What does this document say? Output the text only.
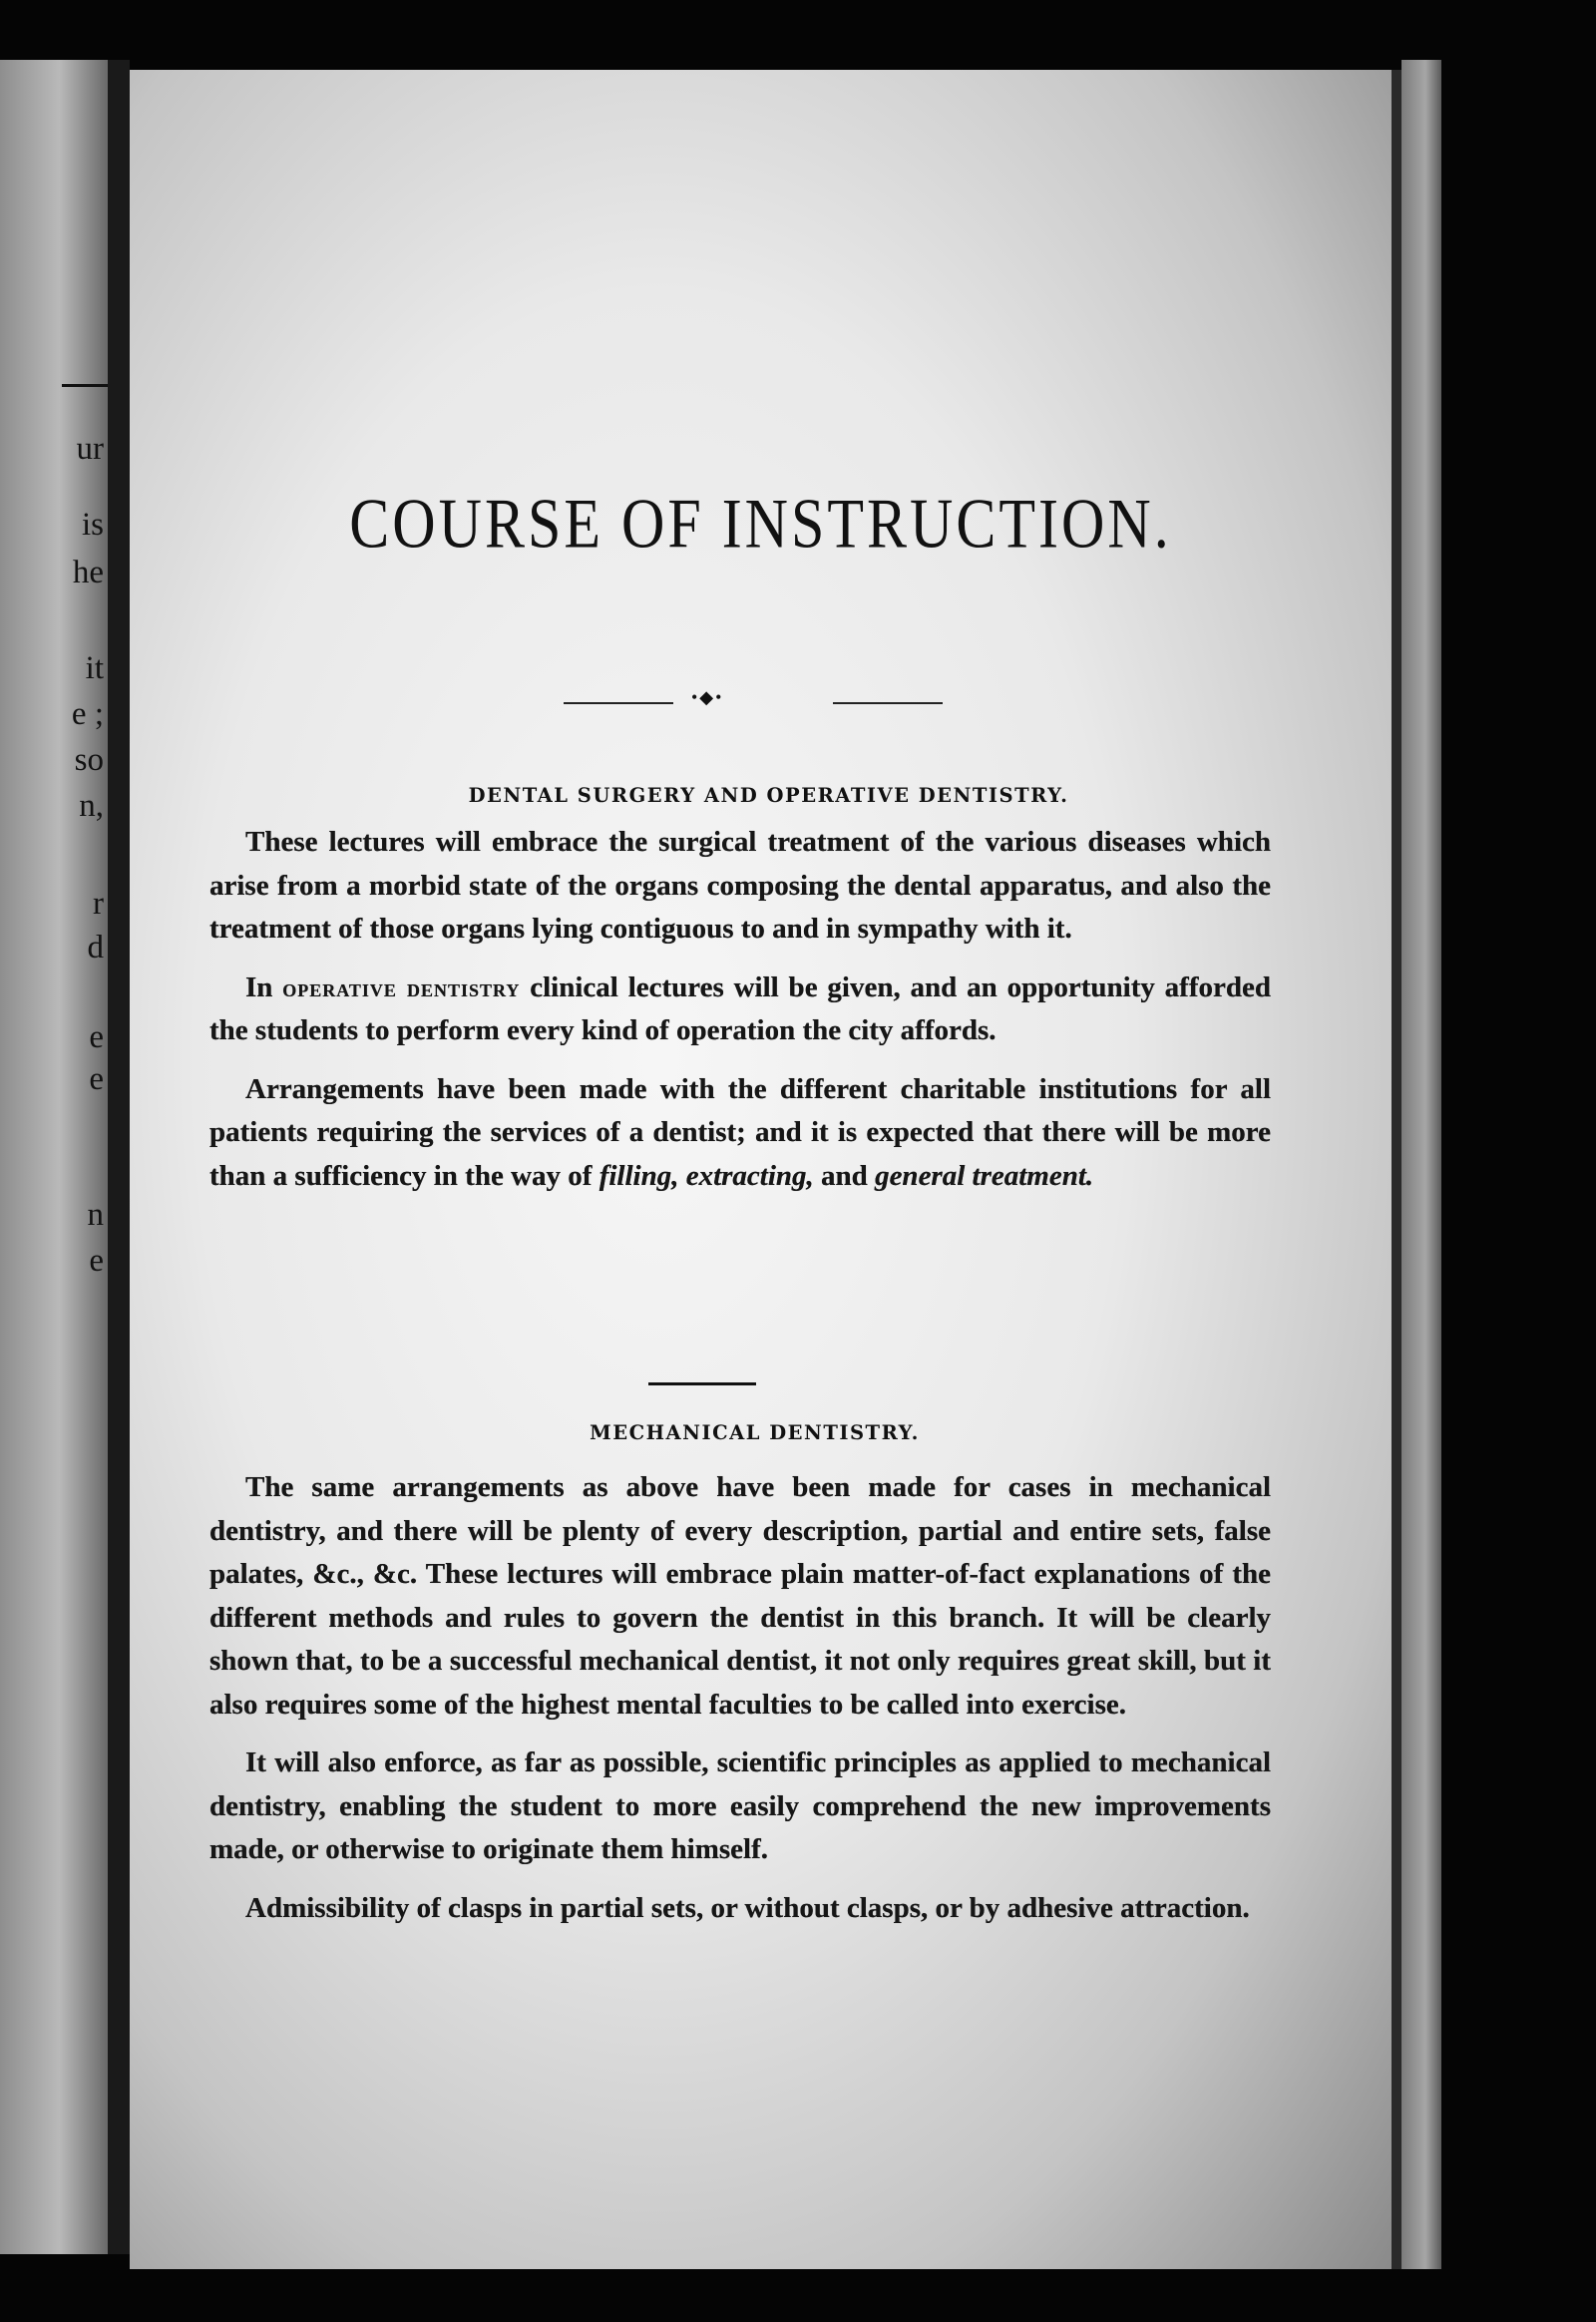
ur
is
he
it
e ;
so
n,
r
d
e
e
n
e
COURSE OF INSTRUCTION.
•◆•
DENTAL SURGERY AND OPERATIVE DENTISTRY.

These lectures will embrace the surgical treatment of the various diseases which arise from a morbid state of the organs composing the dental apparatus, and also the treatment of those organs lying contiguous to and in sympathy with it.

In operative dentistry clinical lectures will be given, and an opportunity afforded the students to perform every kind of operation the city affords.

Arrangements have been made with the different charitable institutions for all patients requiring the services of a dentist; and it is expected that there will be more than a sufficiency in the way of filling, extracting, and general treatment.

MECHANICAL DENTISTRY.

The same arrangements as above have been made for cases in mechanical dentistry, and there will be plenty of every description, partial and entire sets, false palates, &c., &c. These lectures will embrace plain matter-of-fact explanations of the different methods and rules to govern the dentist in this branch. It will be clearly shown that, to be a successful mechanical dentist, it not only requires great skill, but it also requires some of the highest mental faculties to be called into exercise.

It will also enforce, as far as possible, scientific principles as applied to mechanical dentistry, enabling the student to more easily comprehend the new improvements made, or otherwise to originate them himself.

Admissibility of clasps in partial sets, or without clasps, or by adhesive attraction.
